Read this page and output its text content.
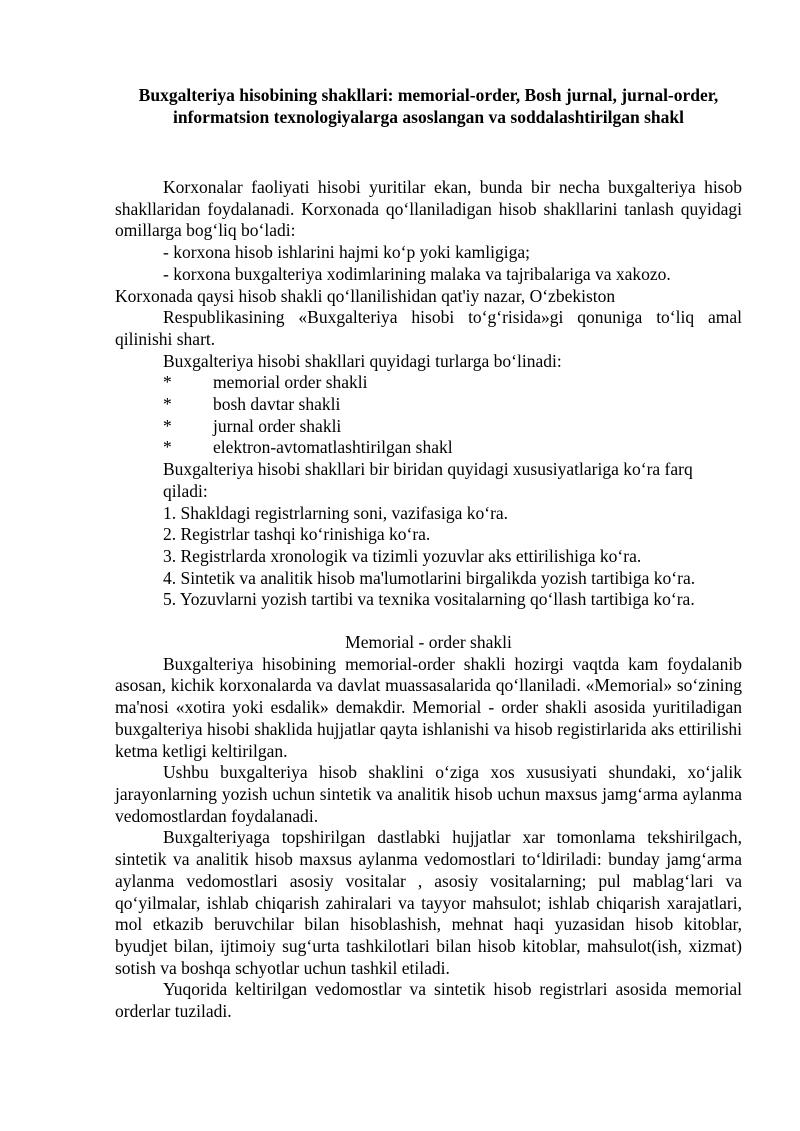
Buxgalteriya hisobining shakllari: memorial-order, Bosh jurnal, jurnal-order,
informatsion texnologiyalarga asoslangan va soddalashtirilgan shakl

Korxonalar faoliyati hisobi yuritilar ekan, bunda bir necha buxgalteriya hisob shakllaridan foydalanadi. Korxonada qo‘llaniladigan hisob shakllarini tanlash quyidagi omillarga bog‘liq bo‘ladi:

- korxona hisob ishlarini hajmi ko‘p yoki kamligiga;

- korxona buxgalteriya xodimlarining malaka va tajribalariga va xakozo.

Korxonada qaysi hisob shakli qo‘llanilishidan qat'iy nazar, O‘zbekiston

Respublikasining «Buxgalteriya hisobi to‘g‘risida»gi qonuniga to‘liq amal qilinishi shart.

Buxgalteriya hisobi shakllari quyidagi turlarga bo‘linadi:

*	memorial order shakli
*	bosh davtar shakli
*	jurnal order shakli
*	elektron-avtomatlashtirilgan shakl

Buxgalteriya hisobi shakllari bir biridan quyidagi xususiyatlariga ko‘ra farq
qiladi:

1. Shakldagi registrlarning soni, vazifasiga ko‘ra.

2. Registrlar tashqi ko‘rinishiga ko‘ra.

3. Registrlarda xronologik va tizimli yozuvlar aks ettirilishiga ko‘ra.

4. Sintetik va analitik hisob ma'lumotlarini birgalikda yozish tartibiga ko‘ra.

5. Yozuvlarni yozish tartibi va texnika vositalarning qo‘llash tartibiga ko‘ra.

Memorial - order shakli

Buxgalteriya hisobining memorial-order shakli hozirgi vaqtda kam foydalanib asosan, kichik korxonalarda va davlat muassasalarida qo‘llaniladi. «Memorial» so‘zining ma'nosi «xotira yoki esdalik» demakdir. Memorial - order shakli asosida yuritiladigan buxgalteriya hisobi shaklida hujjatlar qayta ishlanishi va hisob registirlarida aks ettirilishi ketma ketligi keltirilgan.

Ushbu buxgalteriya hisob shaklini o‘ziga xos xususiyati shundaki, xo‘jalik jarayonlarning yozish uchun sintetik va analitik hisob uchun maxsus jamg‘arma aylanma vedomostlardan foydalanadi.

Buxgalteriyaga topshirilgan dastlabki hujjatlar xar tomonlama tekshirilgach, sintetik va analitik hisob maxsus aylanma vedomostlari to‘ldiriladi: bunday jamg‘arma aylanma vedomostlari asosiy vositalar , asosiy vositalarning; pul mablag‘lari va qo‘yilmalar, ishlab chiqarish zahiralari va tayyor mahsulot; ishlab chiqarish xarajatlari, mol etkazib beruvchilar bilan hisoblashish, mehnat haqi yuzasidan hisob kitoblar, byudjet bilan, ijtimoiy sug‘urta tashkilotlari bilan hisob kitoblar, mahsulot(ish, xizmat) sotish va boshqa schyotlar uchun tashkil etiladi.

Yuqorida keltirilgan vedomostlar va sintetik hisob registrlari asosida memorial orderlar tuziladi.
